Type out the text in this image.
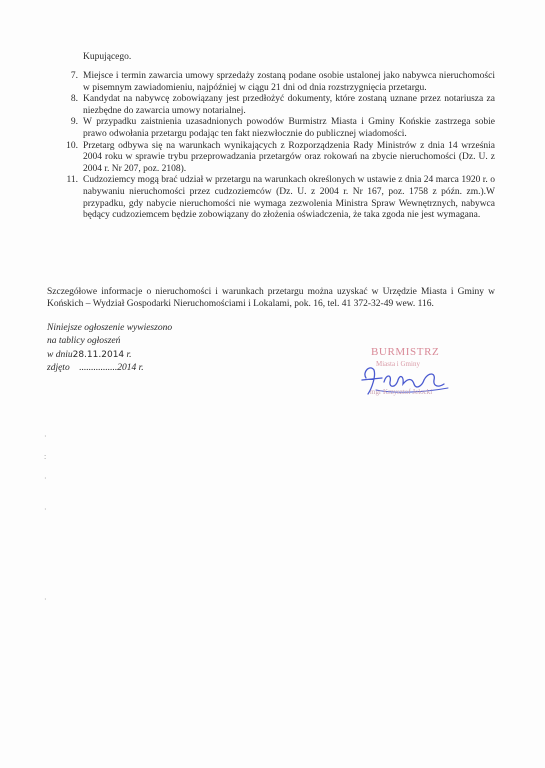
Kupującego.
7. Miejsce i termin zawarcia umowy sprzedaży zostaną podane osobie ustalonej jako nabywca nieruchomości w pisemnym zawiadomieniu, najpóźniej w ciągu 21 dni od dnia rozstrzygnięcia przetargu.
8. Kandydat na nabywcę zobowiązany jest przedłożyć dokumenty, które zostaną uznane przez notariusza za niezbędne do zawarcia umowy notarialnej.
9. W przypadku zaistnienia uzasadnionych powodów Burmistrz Miasta i Gminy Końskie zastrzega sobie prawo odwołania przetargu podając ten fakt niezwłocznie do publicznej wiadomości.
10. Przetarg odbywa się na warunkach wynikających z Rozporządzenia Rady Ministrów z dnia 14 września 2004 roku w sprawie trybu przeprowadzania przetargów oraz rokowań na zbycie nieruchomości (Dz. U. z 2004 r. Nr 207, poz. 2108).
11. Cudzoziemcy mogą brać udział w przetargu na warunkach określonych w ustawie z dnia 24 marca 1920 r. o nabywaniu nieruchomości przez cudzoziemców (Dz. U. z 2004 r. Nr 167, poz. 1758 z późn. zm.).W przypadku, gdy nabycie nieruchomości nie wymaga zezwolenia Ministra Spraw Wewnętrznych, nabywca będący cudzoziemcem będzie zobowiązany do złożenia oświadczenia, że taka zgoda nie jest wymagana.
Szczegółowe informacje o nieruchomości i warunkach przetargu można uzyskać w Urzędzie Miasta i Gminy w Końskich – Wydział Gospodarki Nieruchomościami i Lokalami, pok. 16, tel. 41 372-32-49 wew. 116.
Niniejsze ogłoszenie wywieszono
na tablicy ogłoszeń
w dniu28.11.2014 r.
zdjęto ................2014 r.
BURMISTRZ
Miasta i Gminy
mgr Krzysztof Jełocki
·
:
·
·
·
